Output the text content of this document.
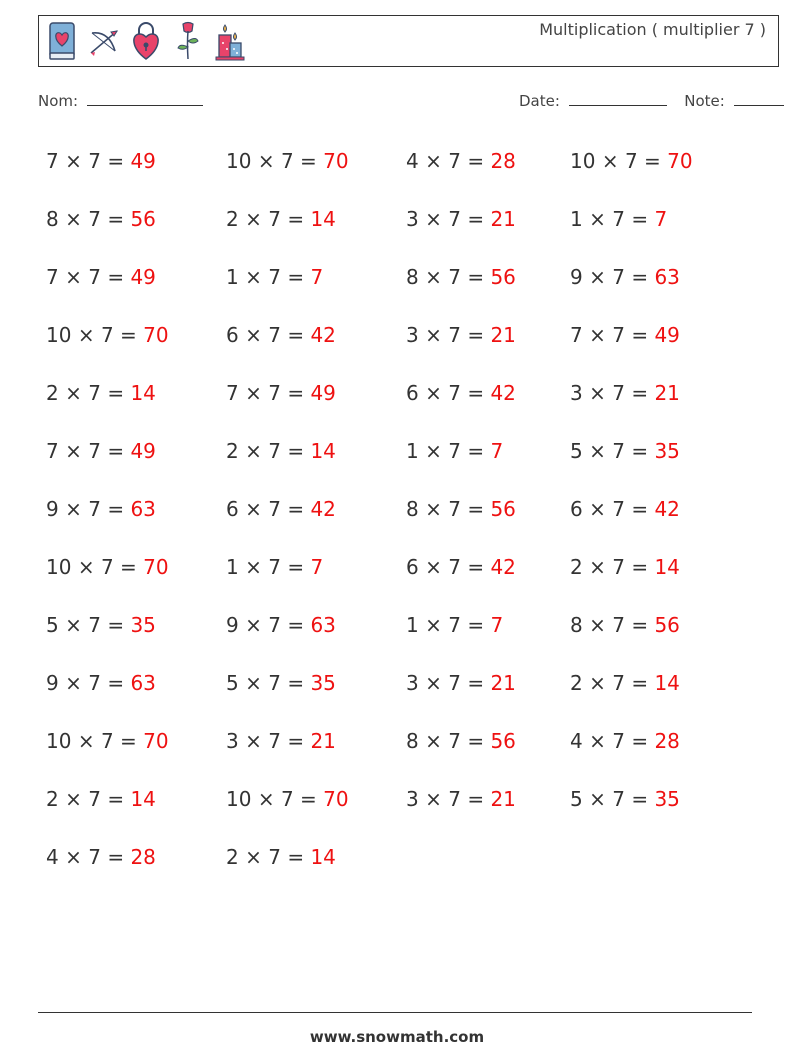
Multiplication ( multiplier 7 )
Nom:	Date:	Note:
7 × 7 = 49	10 × 7 = 70	4 × 7 = 28	10 × 7 = 70
8 × 7 = 56	2 × 7 = 14	3 × 7 = 21	1 × 7 = 7
7 × 7 = 49	1 × 7 = 7	8 × 7 = 56	9 × 7 = 63
10 × 7 = 70	6 × 7 = 42	3 × 7 = 21	7 × 7 = 49
2 × 7 = 14	7 × 7 = 49	6 × 7 = 42	3 × 7 = 21
7 × 7 = 49	2 × 7 = 14	1 × 7 = 7	5 × 7 = 35
9 × 7 = 63	6 × 7 = 42	8 × 7 = 56	6 × 7 = 42
10 × 7 = 70	1 × 7 = 7	6 × 7 = 42	2 × 7 = 14
5 × 7 = 35	9 × 7 = 63	1 × 7 = 7	8 × 7 = 56
9 × 7 = 63	5 × 7 = 35	3 × 7 = 21	2 × 7 = 14
10 × 7 = 70	3 × 7 = 21	8 × 7 = 56	4 × 7 = 28
2 × 7 = 14	10 × 7 = 70	3 × 7 = 21	5 × 7 = 35
4 × 7 = 28	2 × 7 = 14
www.snowmath.com
